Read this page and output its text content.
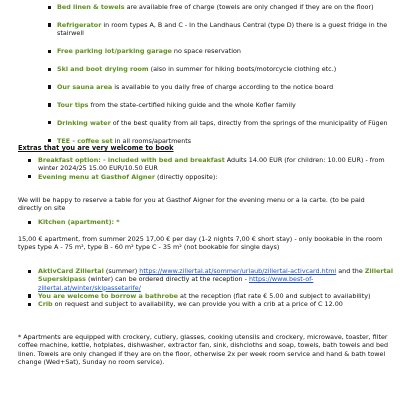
Bed linen & towels are available free of charge (towels are only changed if they are on the floor)
Refrigerator in room types A, B and C - In the Landhaus Central (type D) there is a guest fridge in the stairwell
Free parking lot/parking garage no space reservation
Ski and boot drying room (also in summer for hiking boots/motorcycle clothing etc.)
Our sauna area is available to you daily free of charge according to the notice board
Tour tips from the state-certified hiking guide and the whole Kofler family
Drinking water of the best quality from all taps, directly from the springs of the municipality of Fügen
TEE - coffee set in all rooms/apartments
Extras that you are very welcome to book
Breakfast option: - included with bed and breakfast Adults 14.00 EUR (for children: 10.00 EUR) - from winter 2024/25 15.00 EUR/10.50 EUR
Evening menu at Gasthof Aigner (directly opposite):
We will be happy to reserve a table for you at Gasthof Aigner for the evening menu or a la carte. (to be paid directly on site
Kitchen (apartment): *
15,00 € apartment, from summer 2025 17,00 € per day (1-2 nights 7,00 € short stay) - only bookable in the room types type A - 75 m², type B - 60 m² type C - 35 m² (not bookable for single days)
AktivCard Zillertal (summer) https://www.zillertal.at/sommer/urlaub/zillertal-activcard.html and the Zillertal Superskipass (winter) can be ordered directly at the reception - https://www.best-of-zillertal.at/winter/skipassetarife/
You are welcome to borrow a bathrobe at the reception (flat rate € 5.00 and subject to availability)
Crib on request and subject to availability, we can provide you with a crib at a price of C 12.00
* Apartments are equipped with crockery, cutlery, glasses, cooking utensils and crockery, microwave, toaster, filter coffee machine, kettle, hotplates, dishwasher, extractor fan, sink, dishcloths and soap, towels, bath towels and bed linen. Towels are only changed if they are on the floor, otherwise 2x per week room service and hand & bath towel change (Wed+Sat), Sunday no room service).
